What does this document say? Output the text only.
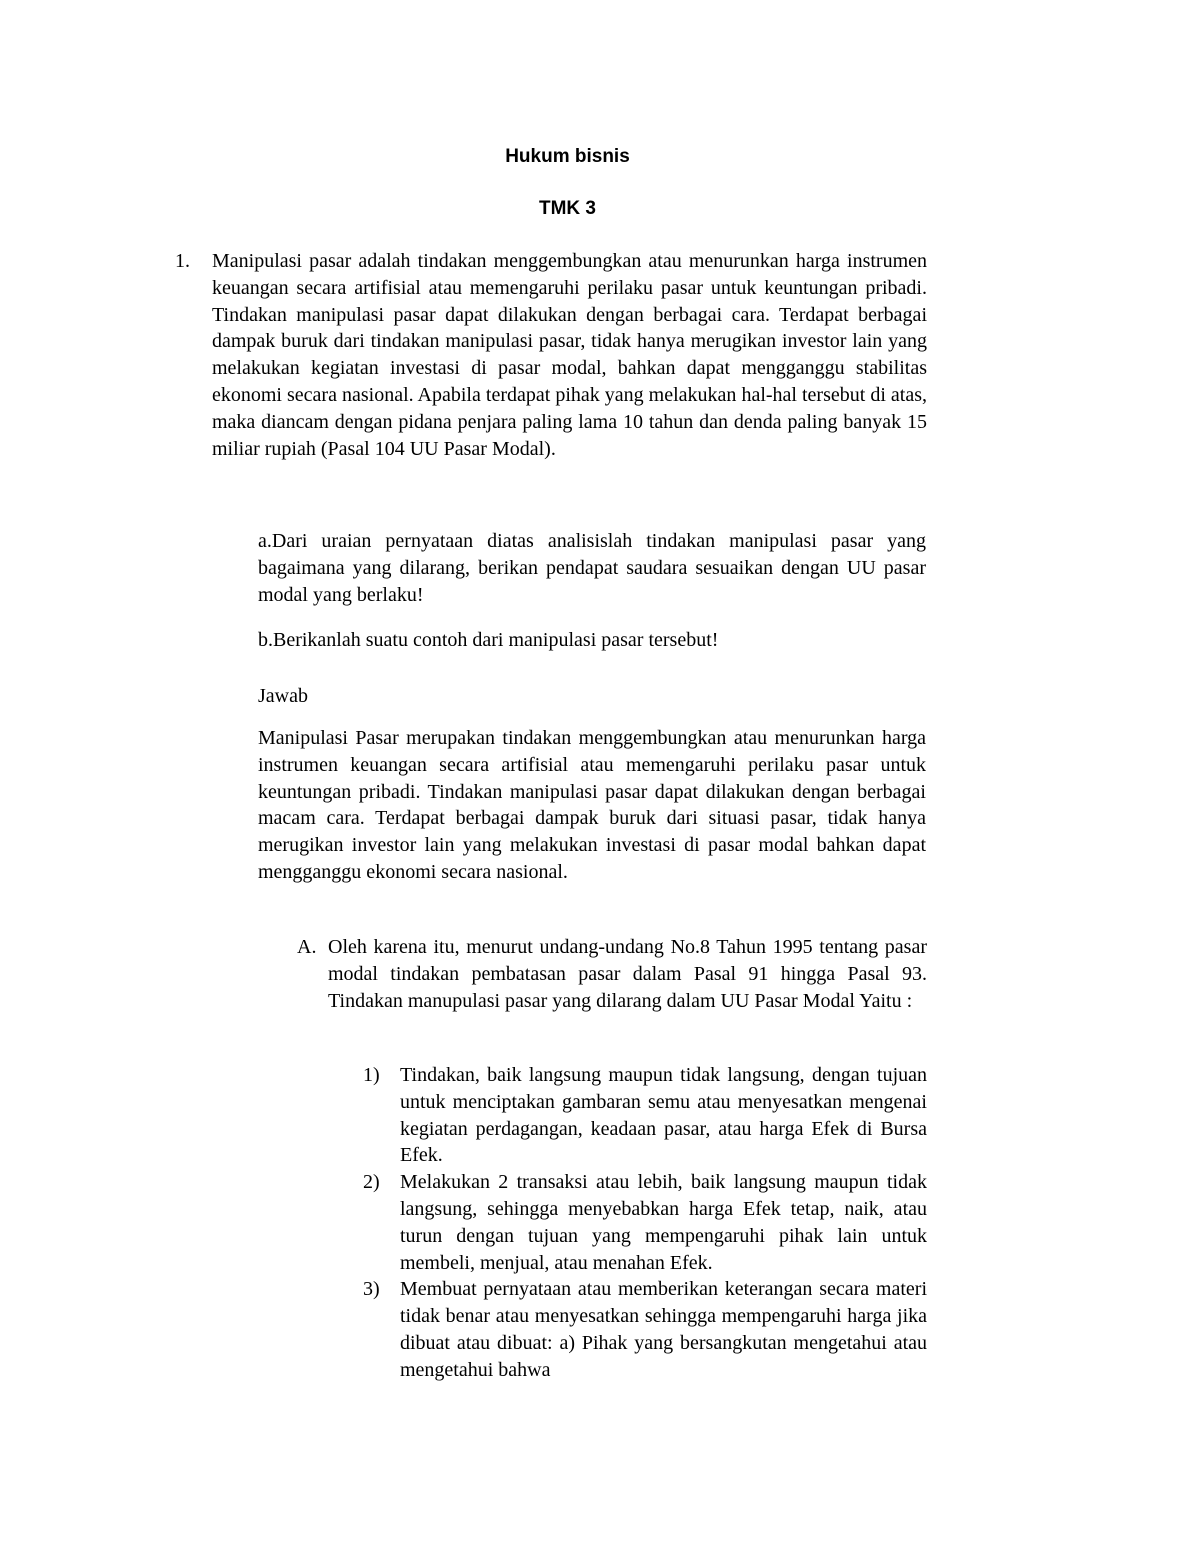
Hukum bisnis
TMK 3
1. Manipulasi pasar adalah tindakan menggembungkan atau menurunkan harga instrumen keuangan secara artifisial atau memengaruhi perilaku pasar untuk keuntungan pribadi. Tindakan manipulasi pasar dapat dilakukan dengan berbagai cara. Terdapat berbagai dampak buruk dari tindakan manipulasi pasar, tidak hanya merugikan investor lain yang melakukan kegiatan investasi di pasar modal, bahkan dapat mengganggu stabilitas ekonomi secara nasional. Apabila terdapat pihak yang melakukan hal-hal tersebut di atas, maka diancam dengan pidana penjara paling lama 10 tahun dan denda paling banyak 15 miliar rupiah (Pasal 104 UU Pasar Modal).

a.Dari uraian pernyataan diatas analisislah tindakan manipulasi pasar yang bagaimana yang dilarang, berikan pendapat saudara sesuaikan dengan UU pasar modal yang berlaku!

b.Berikanlah suatu contoh dari manipulasi pasar tersebut!

Jawab

Manipulasi Pasar merupakan tindakan menggembungkan atau menurunkan harga instrumen keuangan secara artifisial atau memengaruhi perilaku pasar untuk keuntungan pribadi. Tindakan manipulasi pasar dapat dilakukan dengan berbagai macam cara. Terdapat berbagai dampak buruk dari situasi pasar, tidak hanya merugikan investor lain yang melakukan investasi di pasar modal bahkan dapat mengganggu ekonomi secara nasional.

A. Oleh karena itu, menurut undang-undang No.8 Tahun 1995 tentang pasar modal tindakan pembatasan pasar dalam Pasal 91 hingga Pasal 93. Tindakan manupulasi pasar yang dilarang dalam UU Pasar Modal Yaitu :

1) Tindakan, baik langsung maupun tidak langsung, dengan tujuan untuk menciptakan gambaran semu atau menyesatkan mengenai kegiatan perdagangan, keadaan pasar, atau harga Efek di Bursa Efek.

2) Melakukan 2 transaksi atau lebih, baik langsung maupun tidak langsung, sehingga menyebabkan harga Efek tetap, naik, atau turun dengan tujuan yang mempengaruhi pihak lain untuk membeli, menjual, atau menahan Efek.

3) Membuat pernyataan atau memberikan keterangan secara materi tidak benar atau menyesatkan sehingga mempengaruhi harga jika dibuat atau dibuat: a) Pihak yang bersangkutan mengetahui atau mengetahui bahwa
